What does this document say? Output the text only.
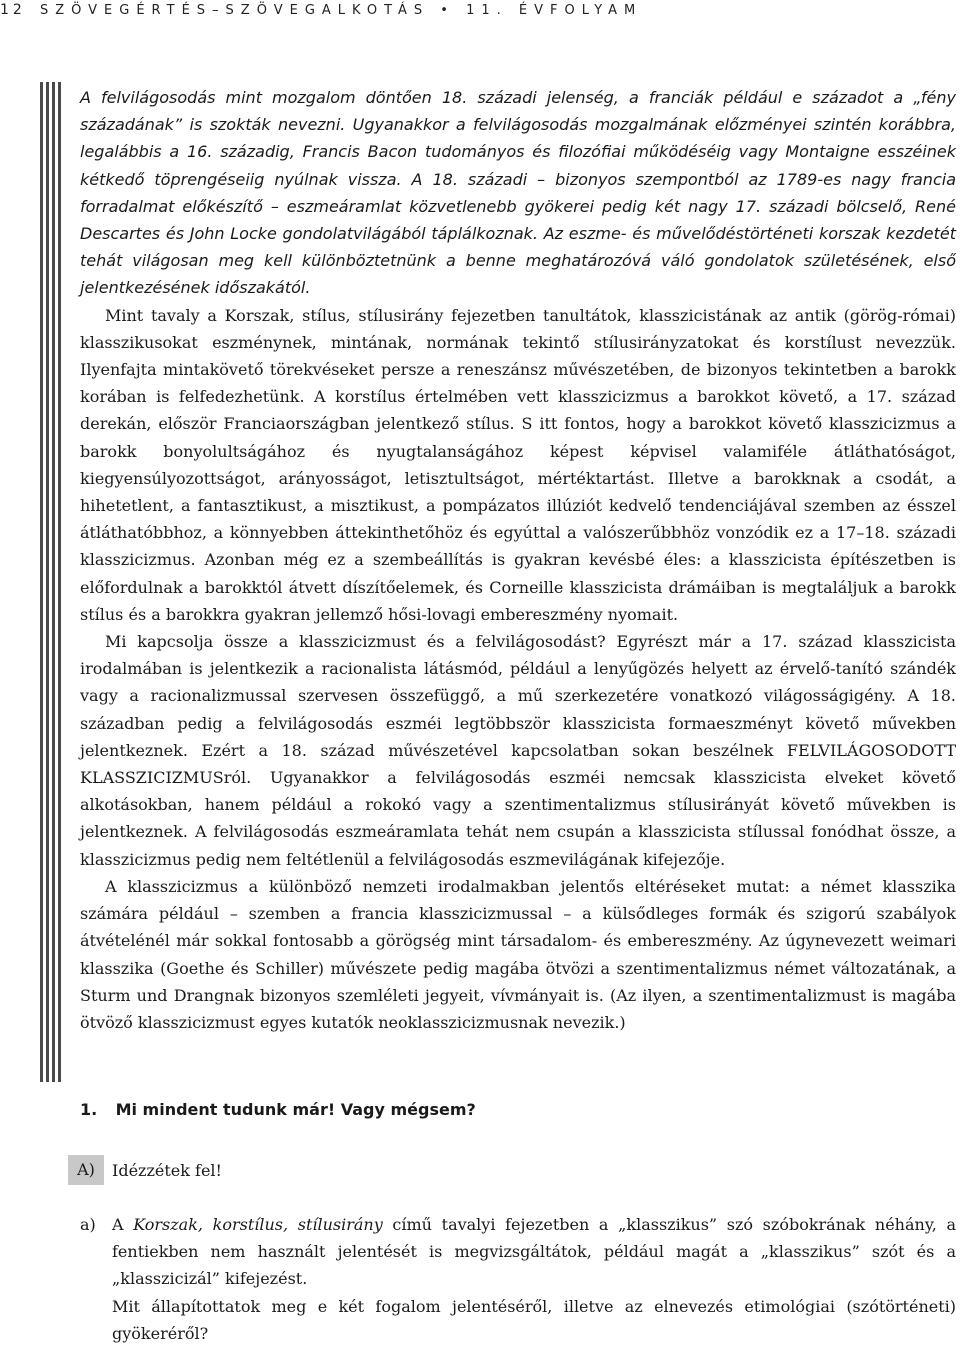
12 SZÖVEGÉRTÉS–SZÖVEGALKOTÁS • 11. ÉVFOLYAM

A felvilágosodás mint mozgalom döntően 18. századi jelenség, a franciák például e századot a „fény századának” is szokták nevezni. Ugyanakkor a felvilágosodás mozgalmának előzményei szintén korábbra, legalábbis a 16. századig, Francis Bacon tudományos és filozófiai működéséig vagy Montaigne esszéinek kétkedő töprengéseiig nyúlnak vissza. A 18. századi – bizonyos szempontból az 1789-es nagy francia forradalmat előkészítő – eszmeáramlat közvetlenebb gyökerei pedig két nagy 17. századi bölcselő, René Descartes és John Locke gondolatvilágából táplálkoznak. Az eszme- és művelődéstörténeti korszak kezdetét tehát világosan meg kell különböztetnünk a benne meghatározóvá váló gondolatok születésének, első jelentkezésének időszakától.

Mint tavaly a Korszak, stílus, stílusirány fejezetben tanultátok, klasszicistának az antik (görög-római) klasszikusokat eszménynek, mintának, normának tekintő stílusirányzatokat és korstílust nevezzük. Ilyenfajta mintakövető törekvéseket persze a reneszánsz művészetében, de bizonyos tekintetben a barokk korában is felfedezhetünk. A korstílus értelmében vett klasszicizmus a barokkot követő, a 17. század derekán, először Franciaországban jelentkező stílus. S itt fontos, hogy a barokkot követő klasszicizmus a barokk bonyolultságához és nyugtalanságához képest képvisel valamiféle átláthatóságot, kiegyensúlyozottságot, arányosságot, letisztultságot, mértéktartást. Illetve a barokknak a csodát, a hihetetlent, a fantasztikust, a misztikust, a pompázatos illúziót kedvelő tendenciájával szemben az ésszel átláthatóbbhoz, a könnyebben áttekinthetőhöz és egyúttal a valószerűbbhöz vonzódik ez a 17–18. századi klasszicizmus. Azonban még ez a szembeállítás is gyakran kevésbé éles: a klasszicista építészetben is előfordulnak a barokktól átvett díszítőelemek, és Corneille klasszicista drámáiban is megtaláljuk a barokk stílus és a barokkra gyakran jellemző hősi-lovagi embereszmény nyomait.

Mi kapcsolja össze a klasszicizmust és a felvilágosodást? Egyrészt már a 17. század klasszicista irodalmában is jelentkezik a racionalista látásmód, például a lenyűgözés helyett az érvelő-tanító szándék vagy a racionalizmussal szervesen összefüggő, a mű szerkezetére vonatkozó világosságigény. A 18. században pedig a felvilágosodás eszméi legtöbbször klasszicista formaeszményt követő művekben jelentkeznek. Ezért a 18. század művészetével kapcsolatban sokan beszélnek FELVILÁGOSODOTT KLASSZICIZMUSról. Ugyanakkor a felvilágosodás eszméi nemcsak klasszicista elveket követő alkotásokban, hanem például a rokokó vagy a szentimentalizmus stílusirányát követő művekben is jelentkeznek. A felvilágosodás eszmeáramlata tehát nem csupán a klasszicista stílussal fonódhat össze, a klasszicizmus pedig nem feltétlenül a felvilágosodás eszmevilágának kifejezője.

A klasszicizmus a különböző nemzeti irodalmakban jelentős eltéréseket mutat: a német klasszika számára például – szemben a francia klasszicizmussal – a külsődleges formák és szigorú szabályok átvételénél már sokkal fontosabb a görögség mint társadalom- és embereszmény. Az úgynevezett weimari klasszika (Goethe és Schiller) művészete pedig magába ötvözi a szentimentalizmus német változatának, a Sturm und Drangnak bizonyos szemléleti jegyeit, vívmányait is. (Az ilyen, a szentimentalizmust is magába ötvöző klasszicizmust egyes kutatók neoklasszicizmusnak nevezik.)

1. Mi mindent tudunk már! Vagy mégsem?
A)	Idézzétek fel!
a) A Korszak, korstílus, stílusirány című tavalyi fejezetben a „klasszikus” szó szóbokrának néhány, a fentiekben nem használt jelentését is megvizsgáltátok, például magát a „klasszikus” szót és a „klasszicizál” kifejezést.

Mit állapítottatok meg e két fogalom jelentéséről, illetve az elnevezés etimológiai (szótörténeti) gyökeréről?
